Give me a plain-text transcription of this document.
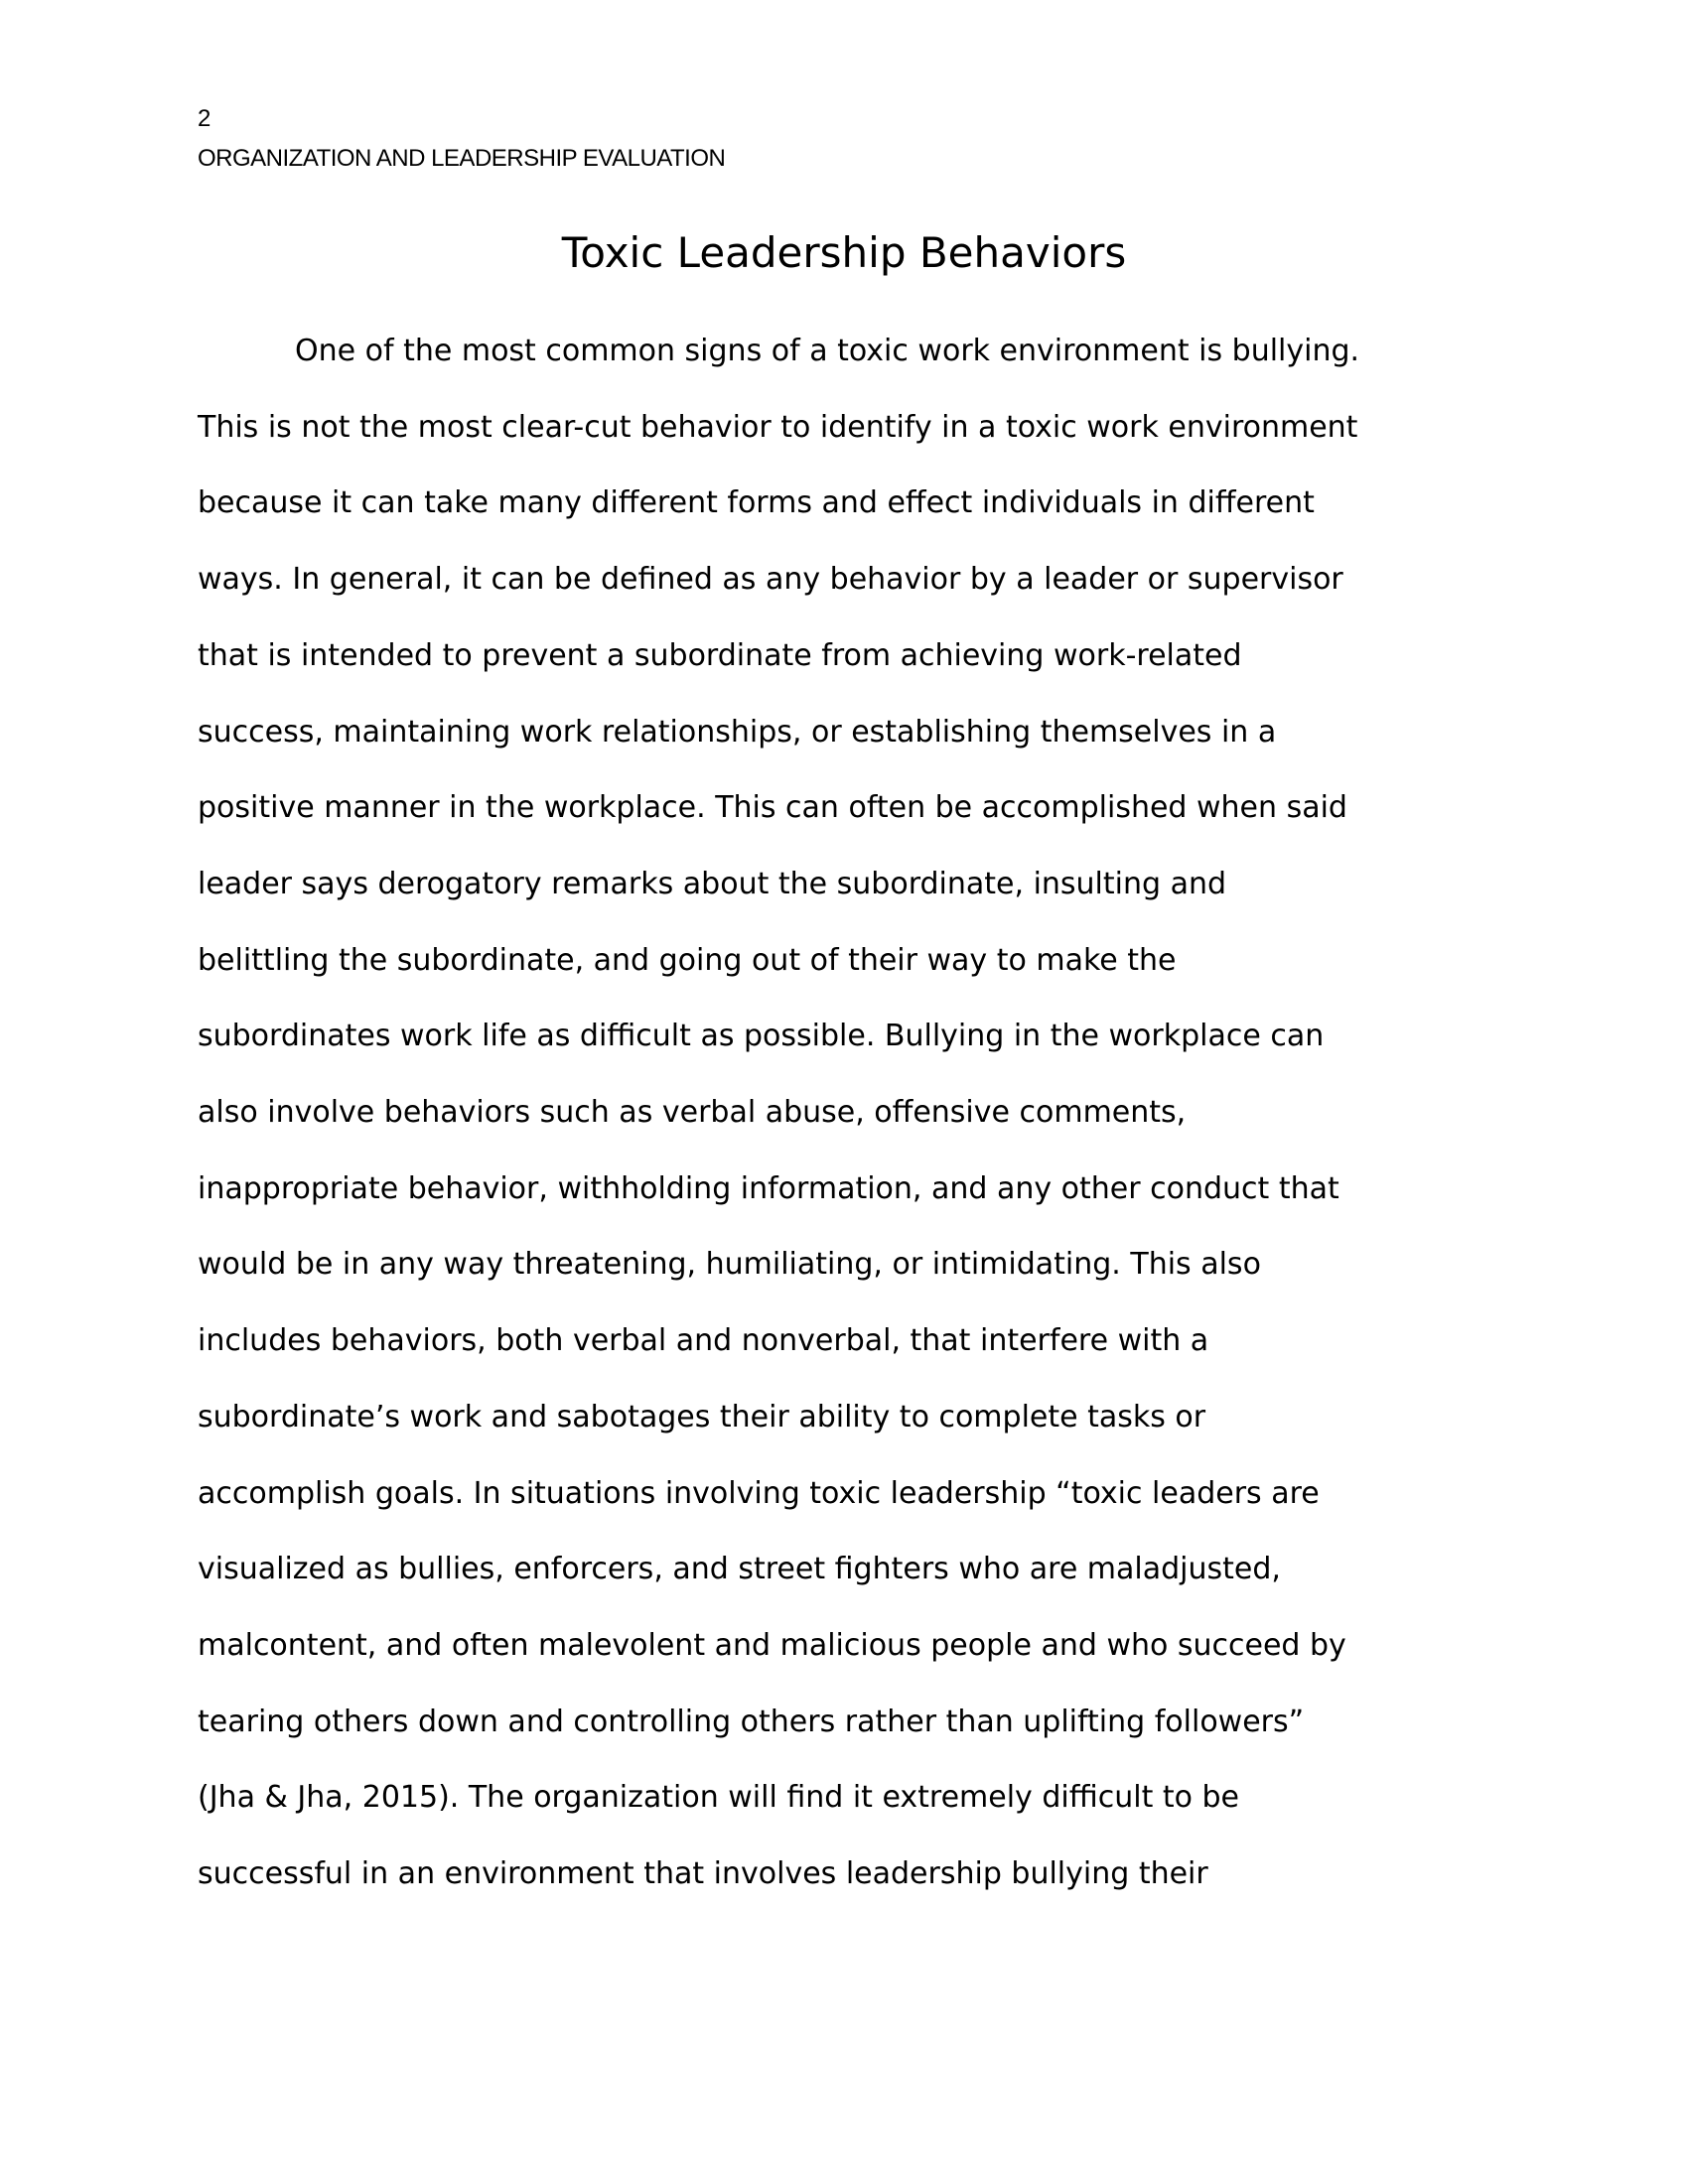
2
ORGANIZATION AND LEADERSHIP EVALUATION
Toxic Leadership Behaviors
One of the most common signs of a toxic work environment is bullying.
This is not the most clear-cut behavior to identify in a toxic work environment
because it can take many different forms and effect individuals in different
ways. In general, it can be defined as any behavior by a leader or supervisor
that is intended to prevent a subordinate from achieving work-related
success, maintaining work relationships, or establishing themselves in a
positive manner in the workplace. This can often be accomplished when said
leader says derogatory remarks about the subordinate, insulting and
belittling the subordinate, and going out of their way to make the
subordinates work life as difficult as possible. Bullying in the workplace can
also involve behaviors such as verbal abuse, offensive comments,
inappropriate behavior, withholding information, and any other conduct that
would be in any way threatening, humiliating, or intimidating. This also
includes behaviors, both verbal and nonverbal, that interfere with a
subordinate’s work and sabotages their ability to complete tasks or
accomplish goals. In situations involving toxic leadership “toxic leaders are
visualized as bullies, enforcers, and street fighters who are maladjusted,
malcontent, and often malevolent and malicious people and who succeed by
tearing others down and controlling others rather than uplifting followers”
(Jha & Jha, 2015). The organization will find it extremely difficult to be
successful in an environment that involves leadership bullying their
